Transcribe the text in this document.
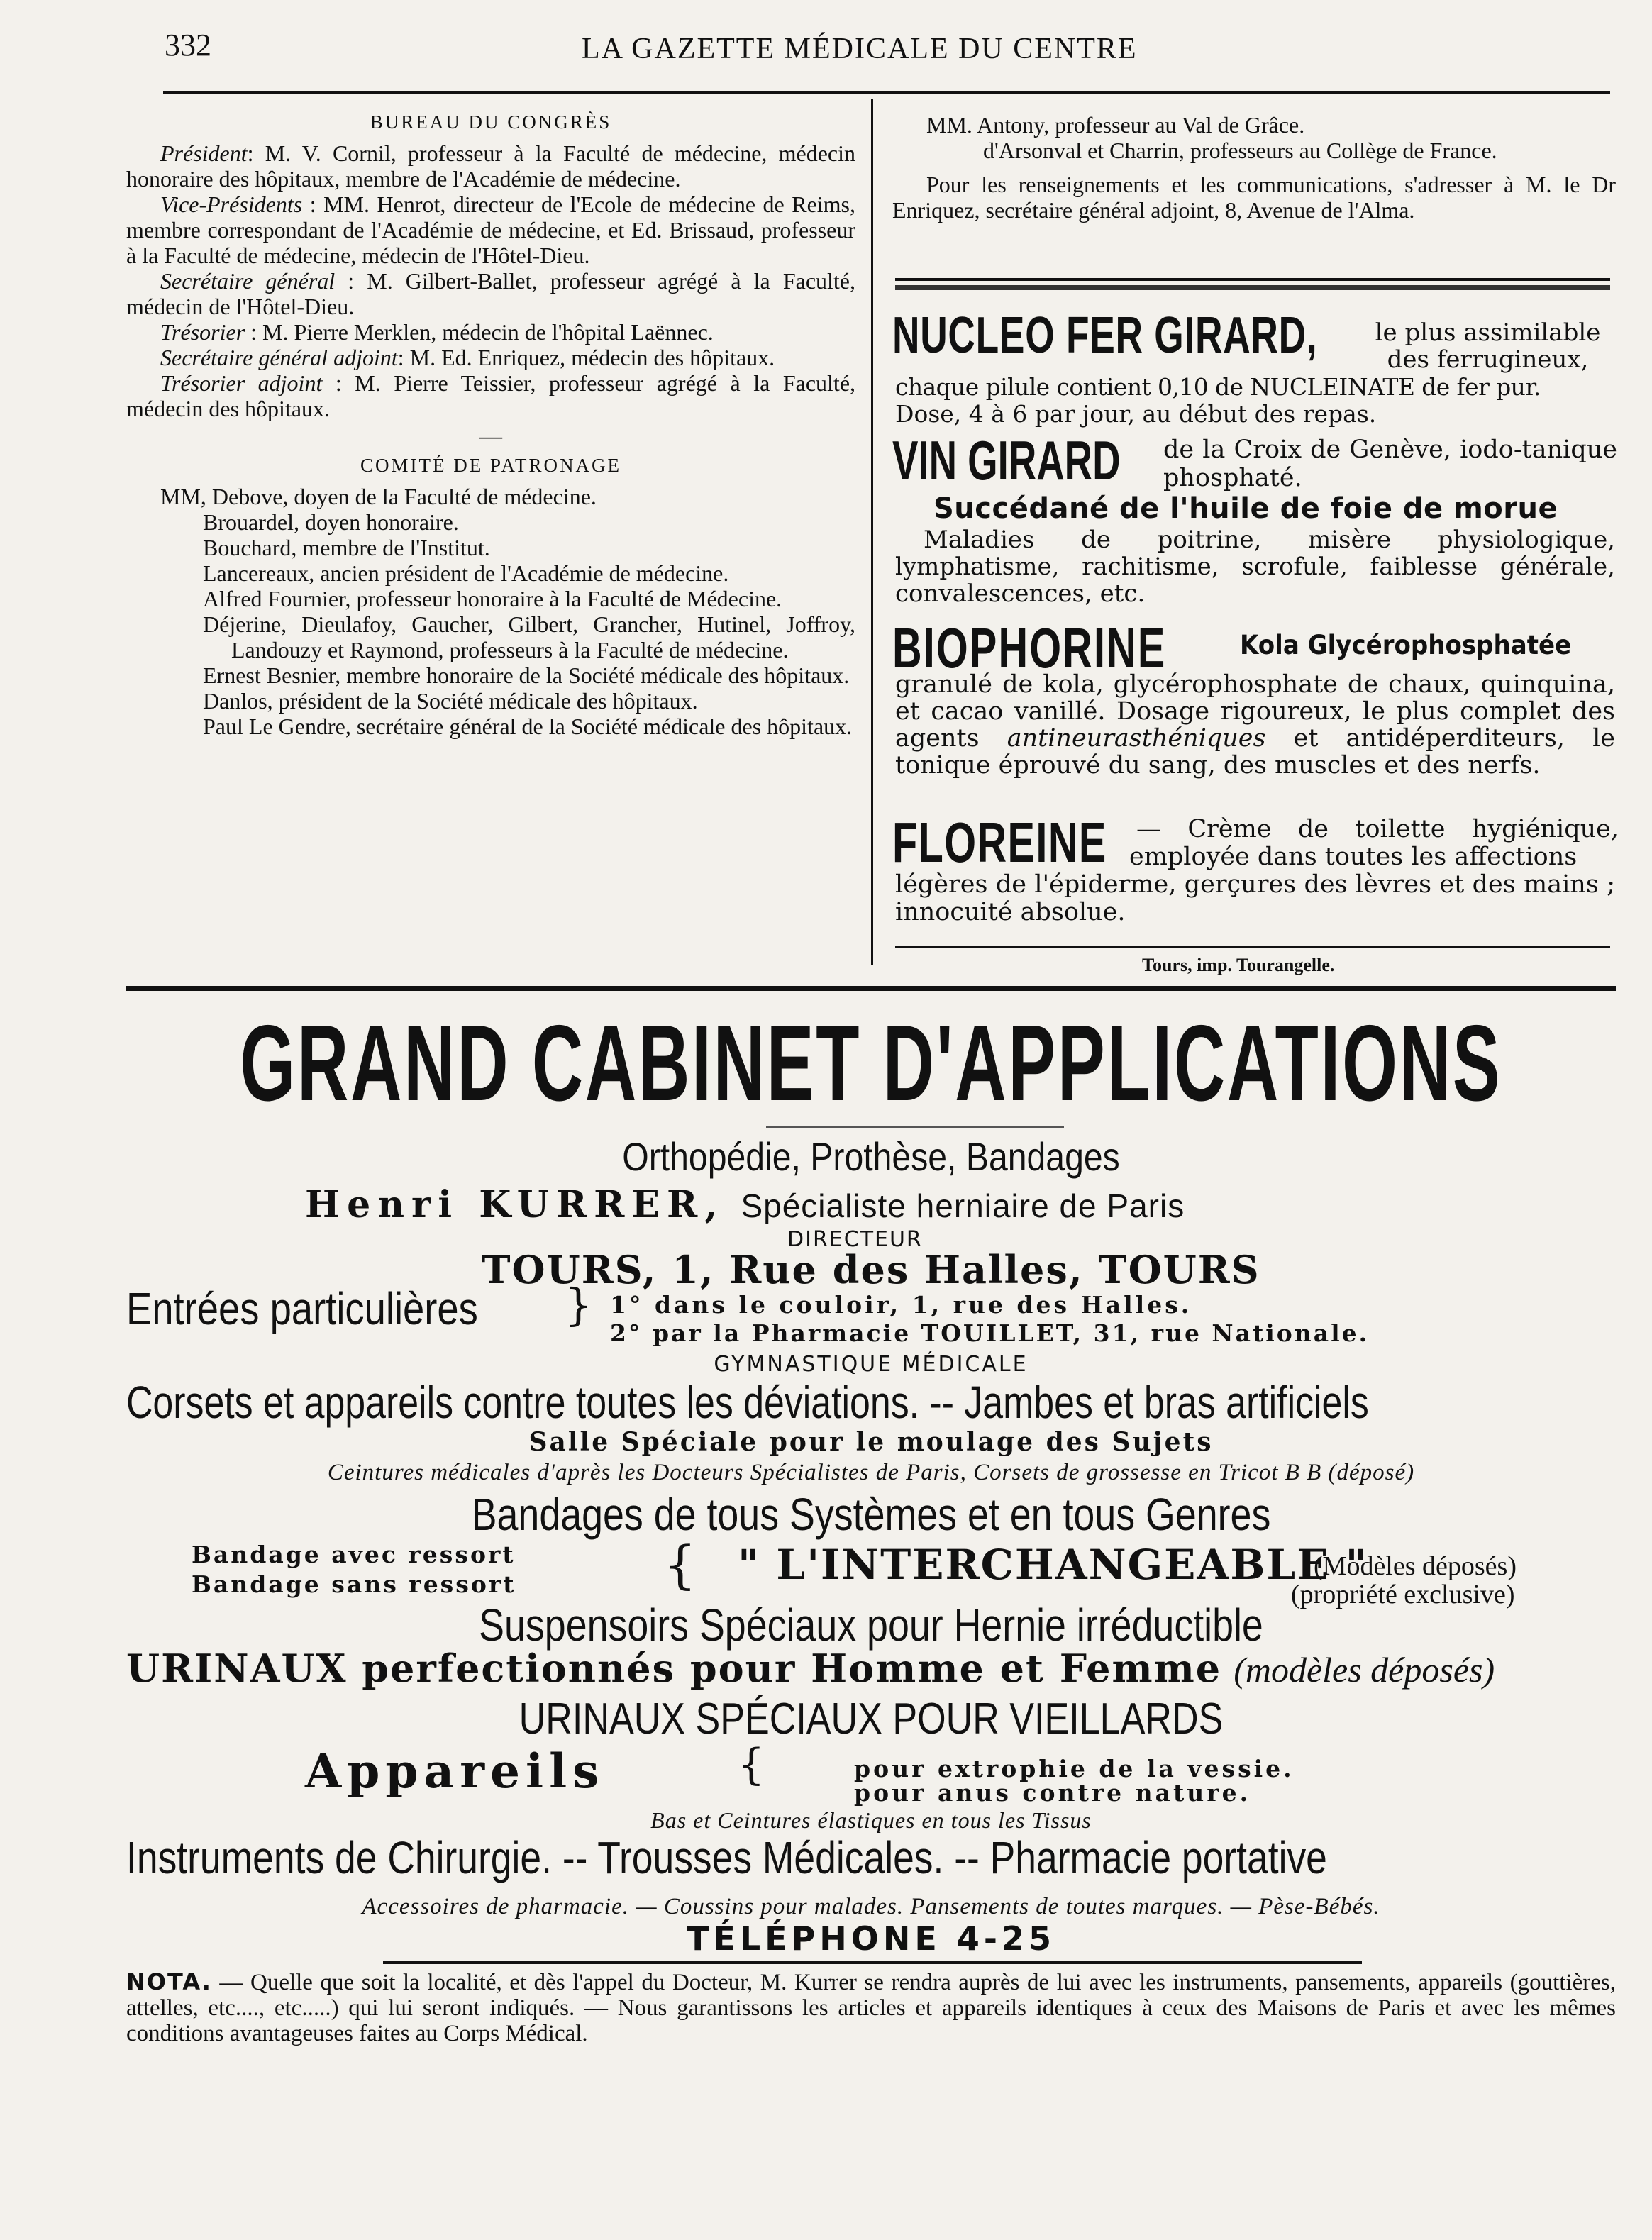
332	LA GAZETTE MÉDICALE DU CENTRE

BUREAU DU CONGRÈS

Président: M. V. Cornil, professeur à la Faculté de médecine, médecin honoraire des hôpitaux, membre de l'Académie de médecine.

Vice-Présidents : MM. Henrot, directeur de l'Ecole de médecine de Reims, membre correspondant de l'Académie de médecine, et Ed. Brissaud, professeur à la Faculté de médecine, médecin de l'Hôtel-Dieu.

Secrétaire général : M. Gilbert-Ballet, professeur agrégé à la Faculté, médecin de l'Hôtel-Dieu.

Trésorier : M. Pierre Merklen, médecin de l'hôpital Laënnec.

Secrétaire général adjoint: M. Ed. Enriquez, médecin des hôpitaux.

Trésorier adjoint : M. Pierre Teissier, professeur agrégé à la Faculté, médecin des hôpitaux.

—

COMITÉ DE PATRONAGE

MM, Debove, doyen de la Faculté de médecine.

Brouardel, doyen honoraire.

Bouchard, membre de l'Institut.

Lancereaux, ancien président de l'Académie de médecine.

Alfred Fournier, professeur honoraire à la Faculté de Médecine.

Déjerine, Dieulafoy, Gaucher, Gilbert, Grancher, Hutinel, Joffroy, Landouzy et Raymond, professeurs à la Faculté de médecine.

Ernest Besnier, membre honoraire de la Société médicale des hôpitaux.

Danlos, président de la Société médicale des hôpitaux.

Paul Le Gendre, secrétaire général de la Société médicale des hôpitaux.

MM. Antony, professeur au Val de Grâce.

d'Arsonval et Charrin, professeurs au Collège de France.

Pour les renseignements et les communications, s'adresser à M. le Dr Enriquez, secrétaire général adjoint, 8, Avenue de l'Alma.

NUCLEO FER GIRARD,	le plus assimilable des ferrugineux,
chaque pilule contient 0,10 de NUCLEINATE de fer pur.
Dose, 4 à 6 par jour, au début des repas.
VIN GIRARD	de la Croix de Genève, iodo-tanique phosphaté.
Succédané de l'huile de foie de morue
Maladies de poitrine, misère physiologique, lymphatisme, rachitisme, scrofule, faiblesse générale, convalescences, etc.
BIOPHORINE	Kola Glycérophosphatée
granulé de kola, glycérophosphate de chaux, quinquina, et cacao vanillé. Dosage rigoureux, le plus complet des agents antineurasthéniques et antidéperditeurs, le tonique éprouvé du sang, des muscles et des nerfs.
FLOREINE	— Crème de toilette hygiénique, employée dans toutes les affections
légères de l'épiderme, gerçures des lèvres et des mains ; innocuité absolue.
Tours, imp. Tourangelle.
GRAND CABINET D'APPLICATIONS
Orthopédie, Prothèse, Bandages
Henri KURRER, Spécialiste herniaire de Paris
DIRECTEUR
TOURS, 1, Rue des Halles, TOURS
Entrées particulières } 1° dans le couloir, 1, rue des Halles.
2° par la Pharmacie TOUILLET, 31, rue Nationale.
GYMNASTIQUE MÉDICALE
Corsets et appareils contre toutes les déviations. -- Jambes et bras artificiels
Salle Spéciale pour le moulage des Sujets
Ceintures médicales d'après les Docteurs Spécialistes de Paris, Corsets de grossesse en Tricot B B (déposé)
Bandages de tous Systèmes et en tous Genres
Bandage avec ressort
Bandage sans ressort	{ " L'INTERCHANGEABLE "
(Modèles déposés)
(propriété exclusive)
Suspensoirs Spéciaux pour Hernie irréductible
URINAUX perfectionnés pour Homme et Femme (modèles déposés)
URINAUX SPÉCIAUX POUR VIEILLARDS
Appareils	{	pour extrophie de la vessie.
pour anus contre nature.
Bas et Ceintures élastiques en tous les Tissus
Instruments de Chirurgie. -- Trousses Médicales. -- Pharmacie portative
Accessoires de pharmacie. — Coussins pour malades. Pansements de toutes marques. — Pèse-Bébés.
TÉLÉPHONE 4-25
NOTA. — Quelle que soit la localité, et dès l'appel du Docteur, M. Kurrer se rendra auprès de lui avec les instruments, pansements, appareils (gouttières, attelles, etc...., etc.....) qui lui seront indiqués. — Nous garantissons les articles et appareils identiques à ceux des Maisons de Paris et avec les mêmes conditions avantageuses faites au Corps Médical.
